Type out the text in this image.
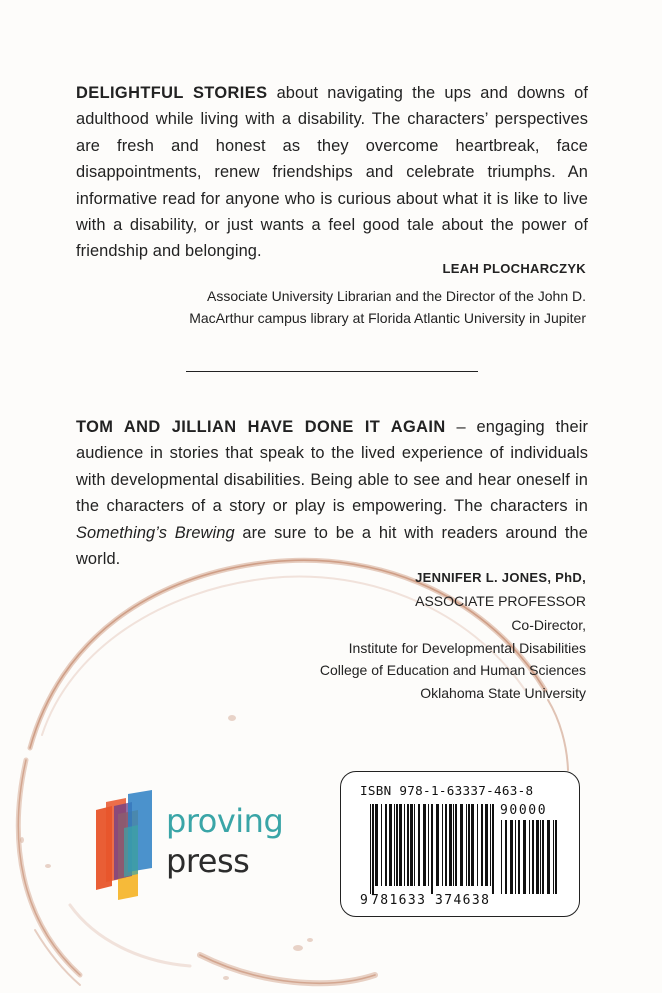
DELIGHTFUL STORIES about navigating the ups and downs of adulthood while living with a disability. The characters’ perspectives are fresh and honest as they overcome heartbreak, face disappointments, renew friendships and celebrate triumphs. An informative read for anyone who is curious about what it is like to live with a disability, or just wants a feel good tale about the power of friendship and belonging.

LEAH PLOCHARCZYK
Associate University Librarian and the Director of the John D.
MacArthur campus library at Florida Atlantic University in Jupiter

TOM AND JILLIAN HAVE DONE IT AGAIN – engaging their audience in stories that speak to the lived experience of individuals with developmental disabilities. Being able to see and hear oneself in the characters of a story or play is empowering. The characters in Something’s Brewing are sure to be a hit with readers around the world.

JENNIFER L. JONES, PhD,
ASSOCIATE PROFESSOR
Co-Director,
Institute for Developmental Disabilities
College of Education and Human Sciences
Oklahoma State University
proving
press
ISBN 978-1-63337-463-8
9 781633 374638
90000
